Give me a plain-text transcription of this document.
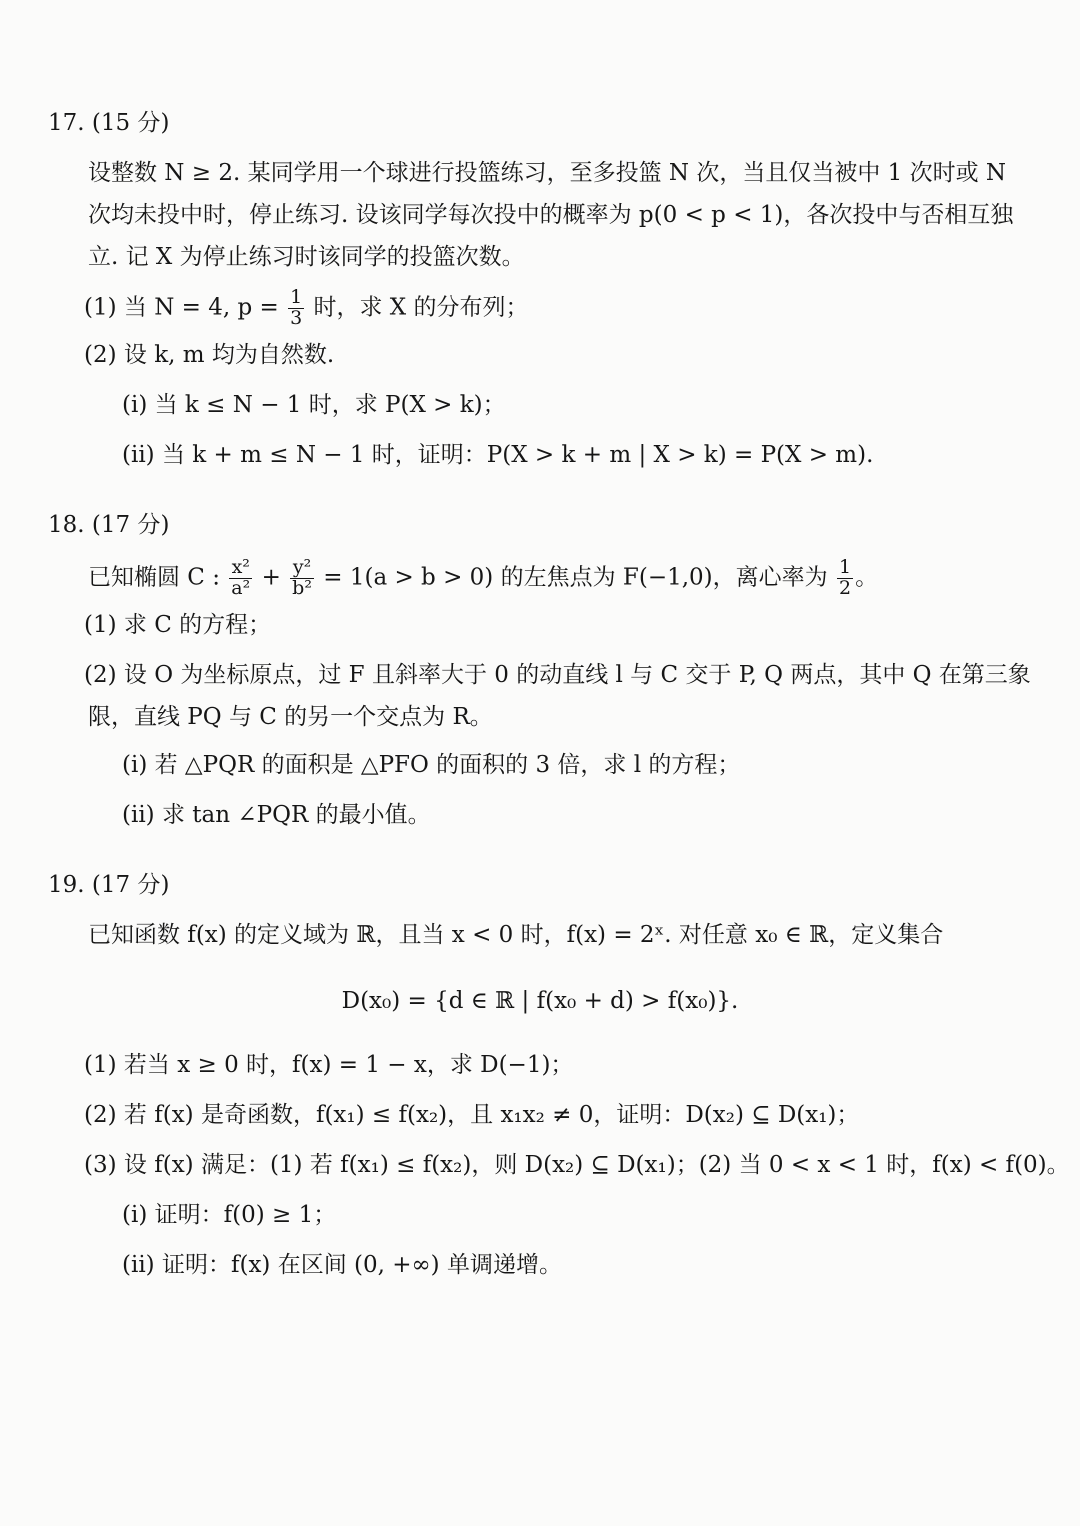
17. (15 分)
设整数 N ≥ 2. 某同学用一个球进行投篮练习，至多投篮 N 次，当且仅当被中 1 次时或 N
次均未投中时，停止练习. 设该同学每次投中的概率为 p(0 < p < 1)，各次投中与否相互独
立. 记 X 为停止练习时该同学的投篮次数。
(1) 当 N = 4, $p = \frac{1}{3}$ 时，求 X 的分布列；
(2) 设 k, m 均为自然数.
(i) 当 k ≤ N − 1 时，求 P(X > k)；
(ii) 当 k + m ≤ N − 1 时，证明：P(X > k + m | X > k) = P(X > m).
18. (17 分)
已知椭圆 C : $\frac{\text{x²}}{\text{a²}} + \frac{\text{y²}}{\text{b²}} = 1(a > b > 0)$ 的左焦点为 F(−1,0)，离心率为 $\frac{1}{2}$ 。
(1) 求 C 的方程；
(2) 设 O 为坐标原点，过 F 且斜率大于 0 的动直线 l 与 C 交于 P, Q 两点，其中 Q 在第三象
限，直线 PQ 与 C 的另一个交点为 R。
(i) 若 △PQR 的面积是 △PFO 的面积的 3 倍，求 l 的方程；
(ii) 求 tan ∠PQR 的最小值。
19. (17 分)
已知函数 f(x) 的定义域为 ℝ，且当 x < 0 时，f(x) = 2ˣ. 对任意 x₀ ∈ ℝ，定义集合
D(x₀) = {d ∈ ℝ | f(x₀ + d) > f(x₀)}.
(1) 若当 x ≥ 0 时，f(x) = 1 − x，求 D(−1)；
(2) 若 f(x) 是奇函数，f(x₁) ≤ f(x₂)，且 x₁x₂ ≠ 0，证明：D(x₂) ⊆ D(x₁)；
(3) 设 f(x) 满足：(1) 若 f(x₁) ≤ f(x₂)，则 D(x₂) ⊆ D(x₁)；(2) 当 0 < x < 1 时，f(x) < f(0)。
(i) 证明：f(0) ≥ 1；
(ii) 证明：f(x) 在区间 (0, +∞) 单调递增。
